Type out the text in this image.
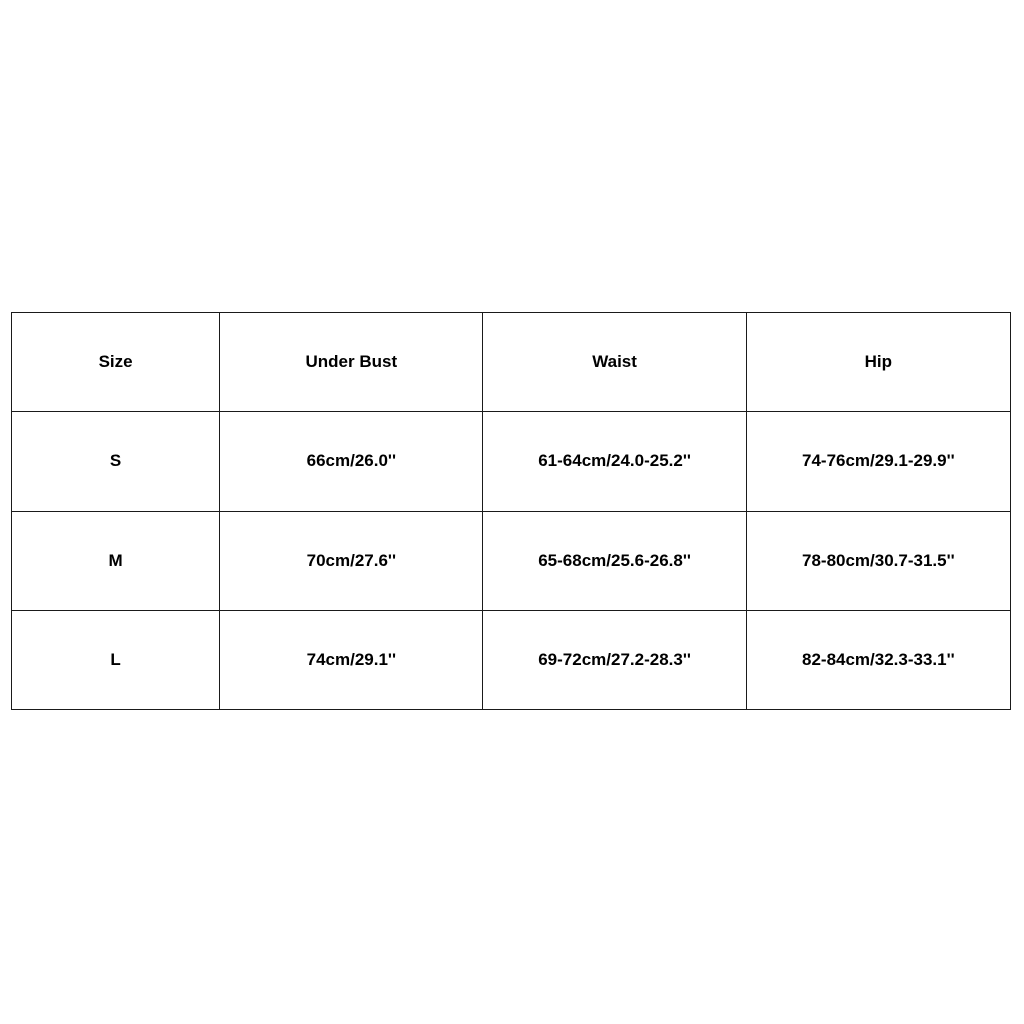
Size	Under Bust	Waist	Hip
S	66cm/26.0''	61-64cm/24.0-25.2''	74-76cm/29.1-29.9''
M	70cm/27.6''	65-68cm/25.6-26.8''	78-80cm/30.7-31.5''
L	74cm/29.1''	69-72cm/27.2-28.3''	82-84cm/32.3-33.1''
